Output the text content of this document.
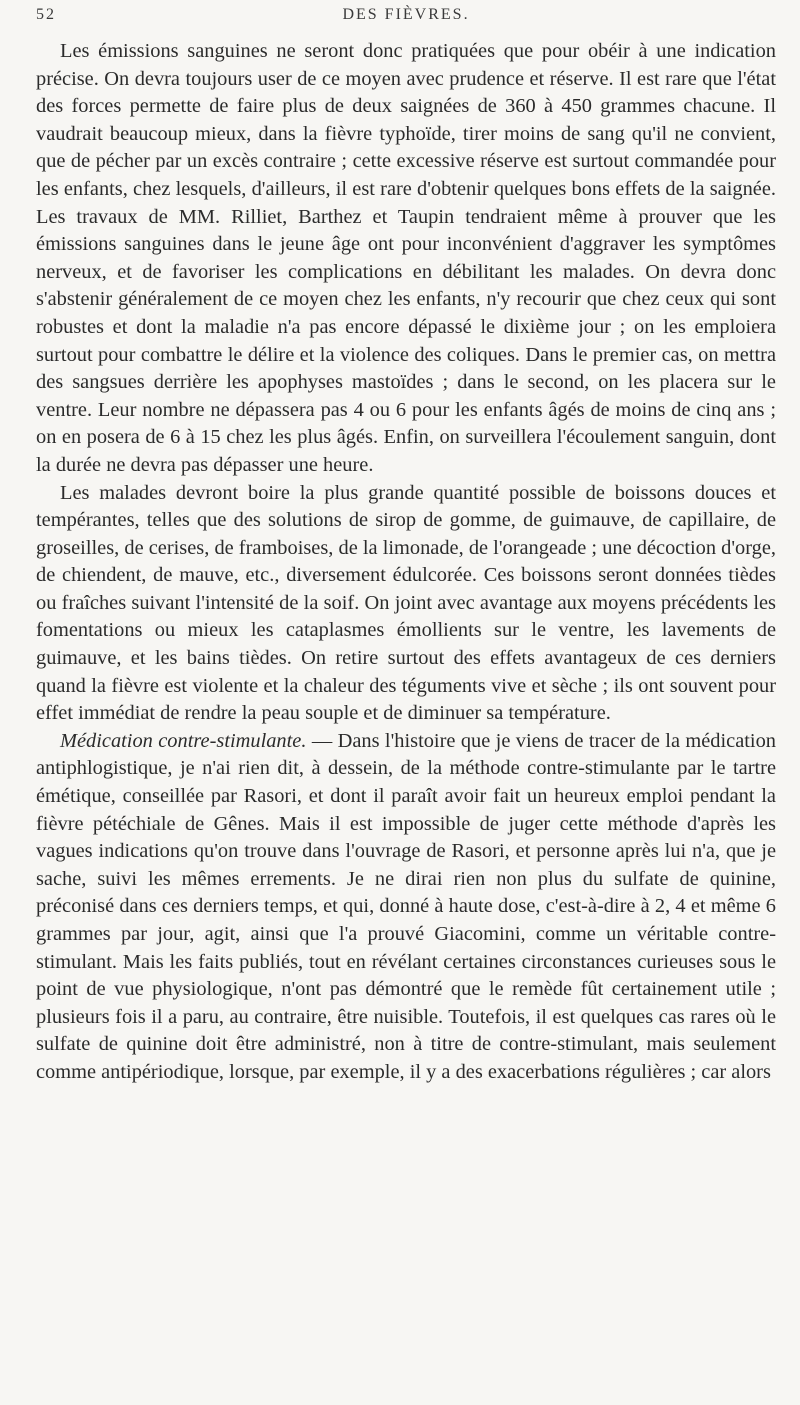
52	DES FIÈVRES.

Les émissions sanguines ne seront donc pratiquées que pour obéir à une indication précise. On devra toujours user de ce moyen avec prudence et réserve. Il est rare que l'état des forces permette de faire plus de deux saignées de 360 à 450 grammes chacune. Il vaudrait beaucoup mieux, dans la fièvre typhoïde, tirer moins de sang qu'il ne convient, que de pécher par un excès contraire ; cette excessive réserve est surtout commandée pour les enfants, chez lesquels, d'ailleurs, il est rare d'obtenir quelques bons effets de la saignée. Les travaux de MM. Rilliet, Barthez et Taupin tendraient même à prouver que les émissions sanguines dans le jeune âge ont pour inconvénient d'aggraver les symptômes nerveux, et de favoriser les complications en débilitant les malades. On devra donc s'abstenir généralement de ce moyen chez les enfants, n'y recourir que chez ceux qui sont robustes et dont la maladie n'a pas encore dépassé le dixième jour ; on les emploiera surtout pour combattre le délire et la violence des coliques. Dans le premier cas, on mettra des sangsues derrière les apophyses mastoïdes ; dans le second, on les placera sur le ventre. Leur nombre ne dépassera pas 4 ou 6 pour les enfants âgés de moins de cinq ans ; on en posera de 6 à 15 chez les plus âgés. Enfin, on surveillera l'écoulement sanguin, dont la durée ne devra pas dépasser une heure.

Les malades devront boire la plus grande quantité possible de boissons douces et tempérantes, telles que des solutions de sirop de gomme, de guimauve, de capillaire, de groseilles, de cerises, de framboises, de la limonade, de l'orangeade ; une décoction d'orge, de chiendent, de mauve, etc., diversement édulcorée. Ces boissons seront données tièdes ou fraîches suivant l'intensité de la soif. On joint avec avantage aux moyens précédents les fomentations ou mieux les cataplasmes émollients sur le ventre, les lavements de guimauve, et les bains tièdes. On retire surtout des effets avantageux de ces derniers quand la fièvre est violente et la chaleur des téguments vive et sèche ; ils ont souvent pour effet immédiat de rendre la peau souple et de diminuer sa température.

Médication contre-stimulante. — Dans l'histoire que je viens de tracer de la médication antiphlogistique, je n'ai rien dit, à dessein, de la méthode contre-stimulante par le tartre émétique, conseillée par Rasori, et dont il paraît avoir fait un heureux emploi pendant la fièvre pétéchiale de Gênes. Mais il est impossible de juger cette méthode d'après les vagues indications qu'on trouve dans l'ouvrage de Rasori, et personne après lui n'a, que je sache, suivi les mêmes errements. Je ne dirai rien non plus du sulfate de quinine, préconisé dans ces derniers temps, et qui, donné à haute dose, c'est-à-dire à 2, 4 et même 6 grammes par jour, agit, ainsi que l'a prouvé Giacomini, comme un véritable contre-stimulant. Mais les faits publiés, tout en révélant certaines circonstances curieuses sous le point de vue physiologique, n'ont pas démontré que le remède fût certainement utile ; plusieurs fois il a paru, au contraire, être nuisible. Toutefois, il est quelques cas rares où le sulfate de quinine doit être administré, non à titre de contre-stimulant, mais seulement comme antipériodique, lorsque, par exemple, il y a des exacerbations régulières ; car alors
